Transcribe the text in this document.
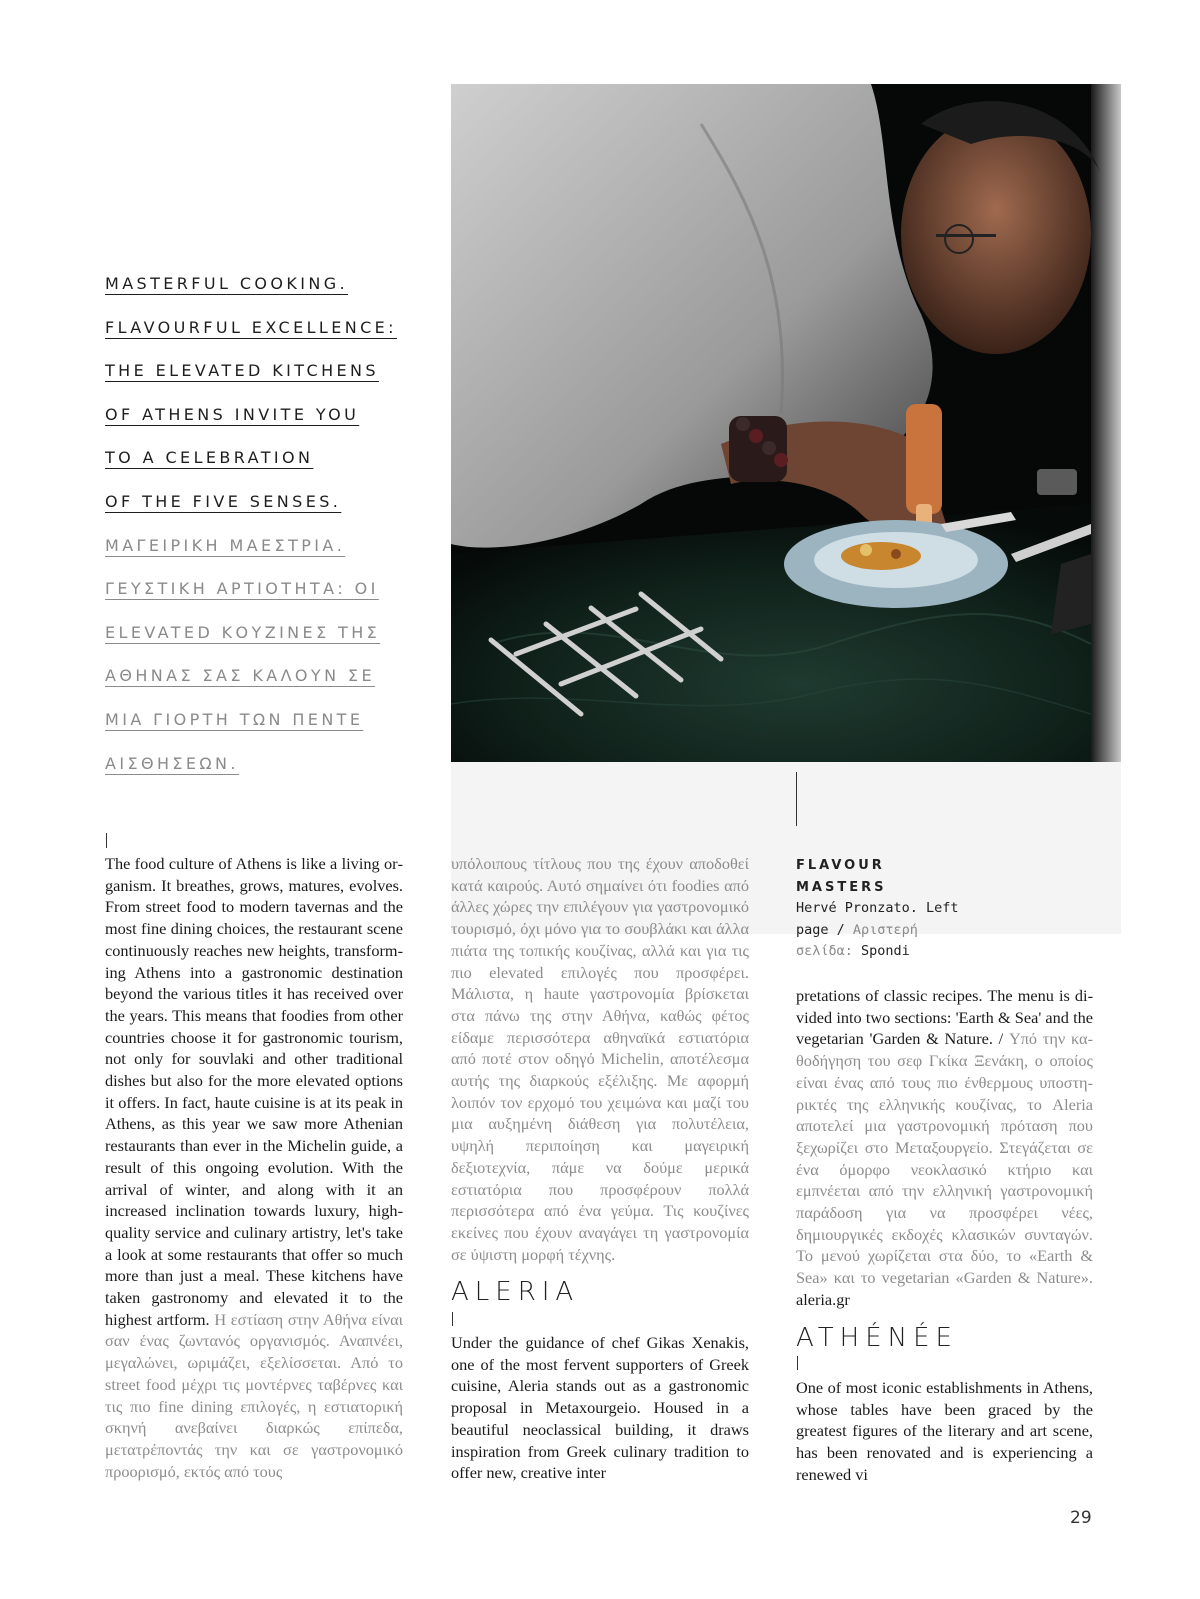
MASTERFUL COOKING.
FLAVOURFUL EXCELLENCE:
THE ELEVATED KITCHENS
OF ATHENS INVITE YOU
TO A CELEBRATION
OF THE FIVE SENSES.
ΜΑΓΕΙΡΙΚΗ ΜΑΕΣΤΡΙΑ.
ΓΕΥΣΤΙΚΗ ΑΡΤΙΟΤΗΤΑ: ΟΙ
ELEVATED ΚΟΥΖΙΝΕΣ ΤΗΣ
ΑΘΗΝΑΣ ΣΑΣ ΚΑΛΟΥΝ ΣΕ
ΜΙΑ ΓΙΟΡΤΗ ΤΩΝ ΠΕΝΤΕ
ΑΙΣΘΗΣΕΩΝ.
FLAVOUR MASTERS
Hervé Pronzato. Left
page / Αριστερή
σελίδα: Spondi
The food culture of Athens is like a living organism. It breathes, grows, matures, evolves. From street food to modern tavernas and the most fine dining choices, the restaurant scene continuously reaches new heights, transforming Athens into a gastronomic destination beyond the various titles it has received over the years. This means that foodies from other countries choose it for gastronomic tourism, not only for souvlaki and other traditional dishes but also for the more elevated options it offers. In fact, haute cuisine is at its peak in Athens, as this year we saw more Athenian restaurants than ever in the Michelin guide, a result of this ongoing evolution. With the arrival of winter, and along with it an increased inclination towards luxury, high-quality service and culinary artistry, let's take a look at some restaurants that offer so much more than just a meal. These kitchens have taken gastronomy and elevated it to the highest artform. Η εστίαση στην Αθήνα είναι σαν ένας ζωντανός οργανισμός. Αναπνέει, μεγαλώνει, ωριμάζει, εξελίσσεται. Από το street food μέχρι τις μοντέρνες ταβέρνες και τις πιο fine dining επιλογές, η εστιατορική σκηνή ανεβαίνει διαρκώς επίπεδα, μετατρέποντάς την και σε γαστρονομικό προορισμό, εκτός από τους
υπόλοιπους τίτλους που της έχουν αποδοθεί κατά καιρούς. Αυτό σημαίνει ότι foodies από άλλες χώρες την επιλέγουν για γαστρονομικό τουρισμό, όχι μόνο για το σουβλάκι και άλλα πιάτα της τοπικής κουζίνας, αλλά και για τις πιο elevated επιλογές που προσφέρει. Μάλιστα, η haute γαστρονομία βρίσκεται στα πάνω της στην Αθήνα, καθώς φέτος είδαμε περισσότερα αθηναϊκά εστιατόρια από ποτέ στον οδηγό Michelin, αποτέλεσμα αυτής της διαρκούς εξέλιξης. Με αφορμή λοιπόν τον ερχομό του χειμώνα και μαζί του μια αυξημένη διάθεση για πολυτέλεια, υψηλή περιποίηση και μαγειρική δεξιοτεχνία, πάμε να δούμε μερικά εστιατόρια που προσφέρουν πολλά περισσότερα από ένα γεύμα. Τις κουζίνες εκείνες που έχουν αναγάγει τη γαστρονομία σε ύψιστη μορφή τέχνης.
ALERIA
Under the guidance of chef Gikas Xenakis, one of the most fervent supporters of Greek cuisine, Aleria stands out as a gastronomic proposal in Metaxourgeio. Housed in a beautiful neoclassical building, it draws inspiration from Greek culinary tradition to offer new, creative inter
pretations of classic recipes. The menu is divided into two sections: 'Earth & Sea' and the vegetarian 'Garden & Nature. / Υπό την καθοδήγηση του σεφ Γκίκα Ξενάκη, ο οποίος είναι ένας από τους πιο ένθερμους υποστηρικτές της ελληνικής κουζίνας, το Aleria αποτελεί μια γαστρονομική πρόταση που ξεχωρίζει στο Μεταξουργείο. Στεγάζεται σε ένα όμορφο νεοκλασικό κτήριο και εμπνέεται από την ελληνική γαστρονομική παράδοση για να προσφέρει νέες, δημιουργικές εκδοχές κλασικών συνταγών. Το μενού χωρίζεται στα δύο, το «Earth & Sea» και το vegetarian «Garden & Nature». aleria.gr
ATHÉNÉE
One of most iconic establishments in Athens, whose tables have been graced by the greatest figures of the literary and art scene, has been renovated and is experiencing a renewed vi
29
